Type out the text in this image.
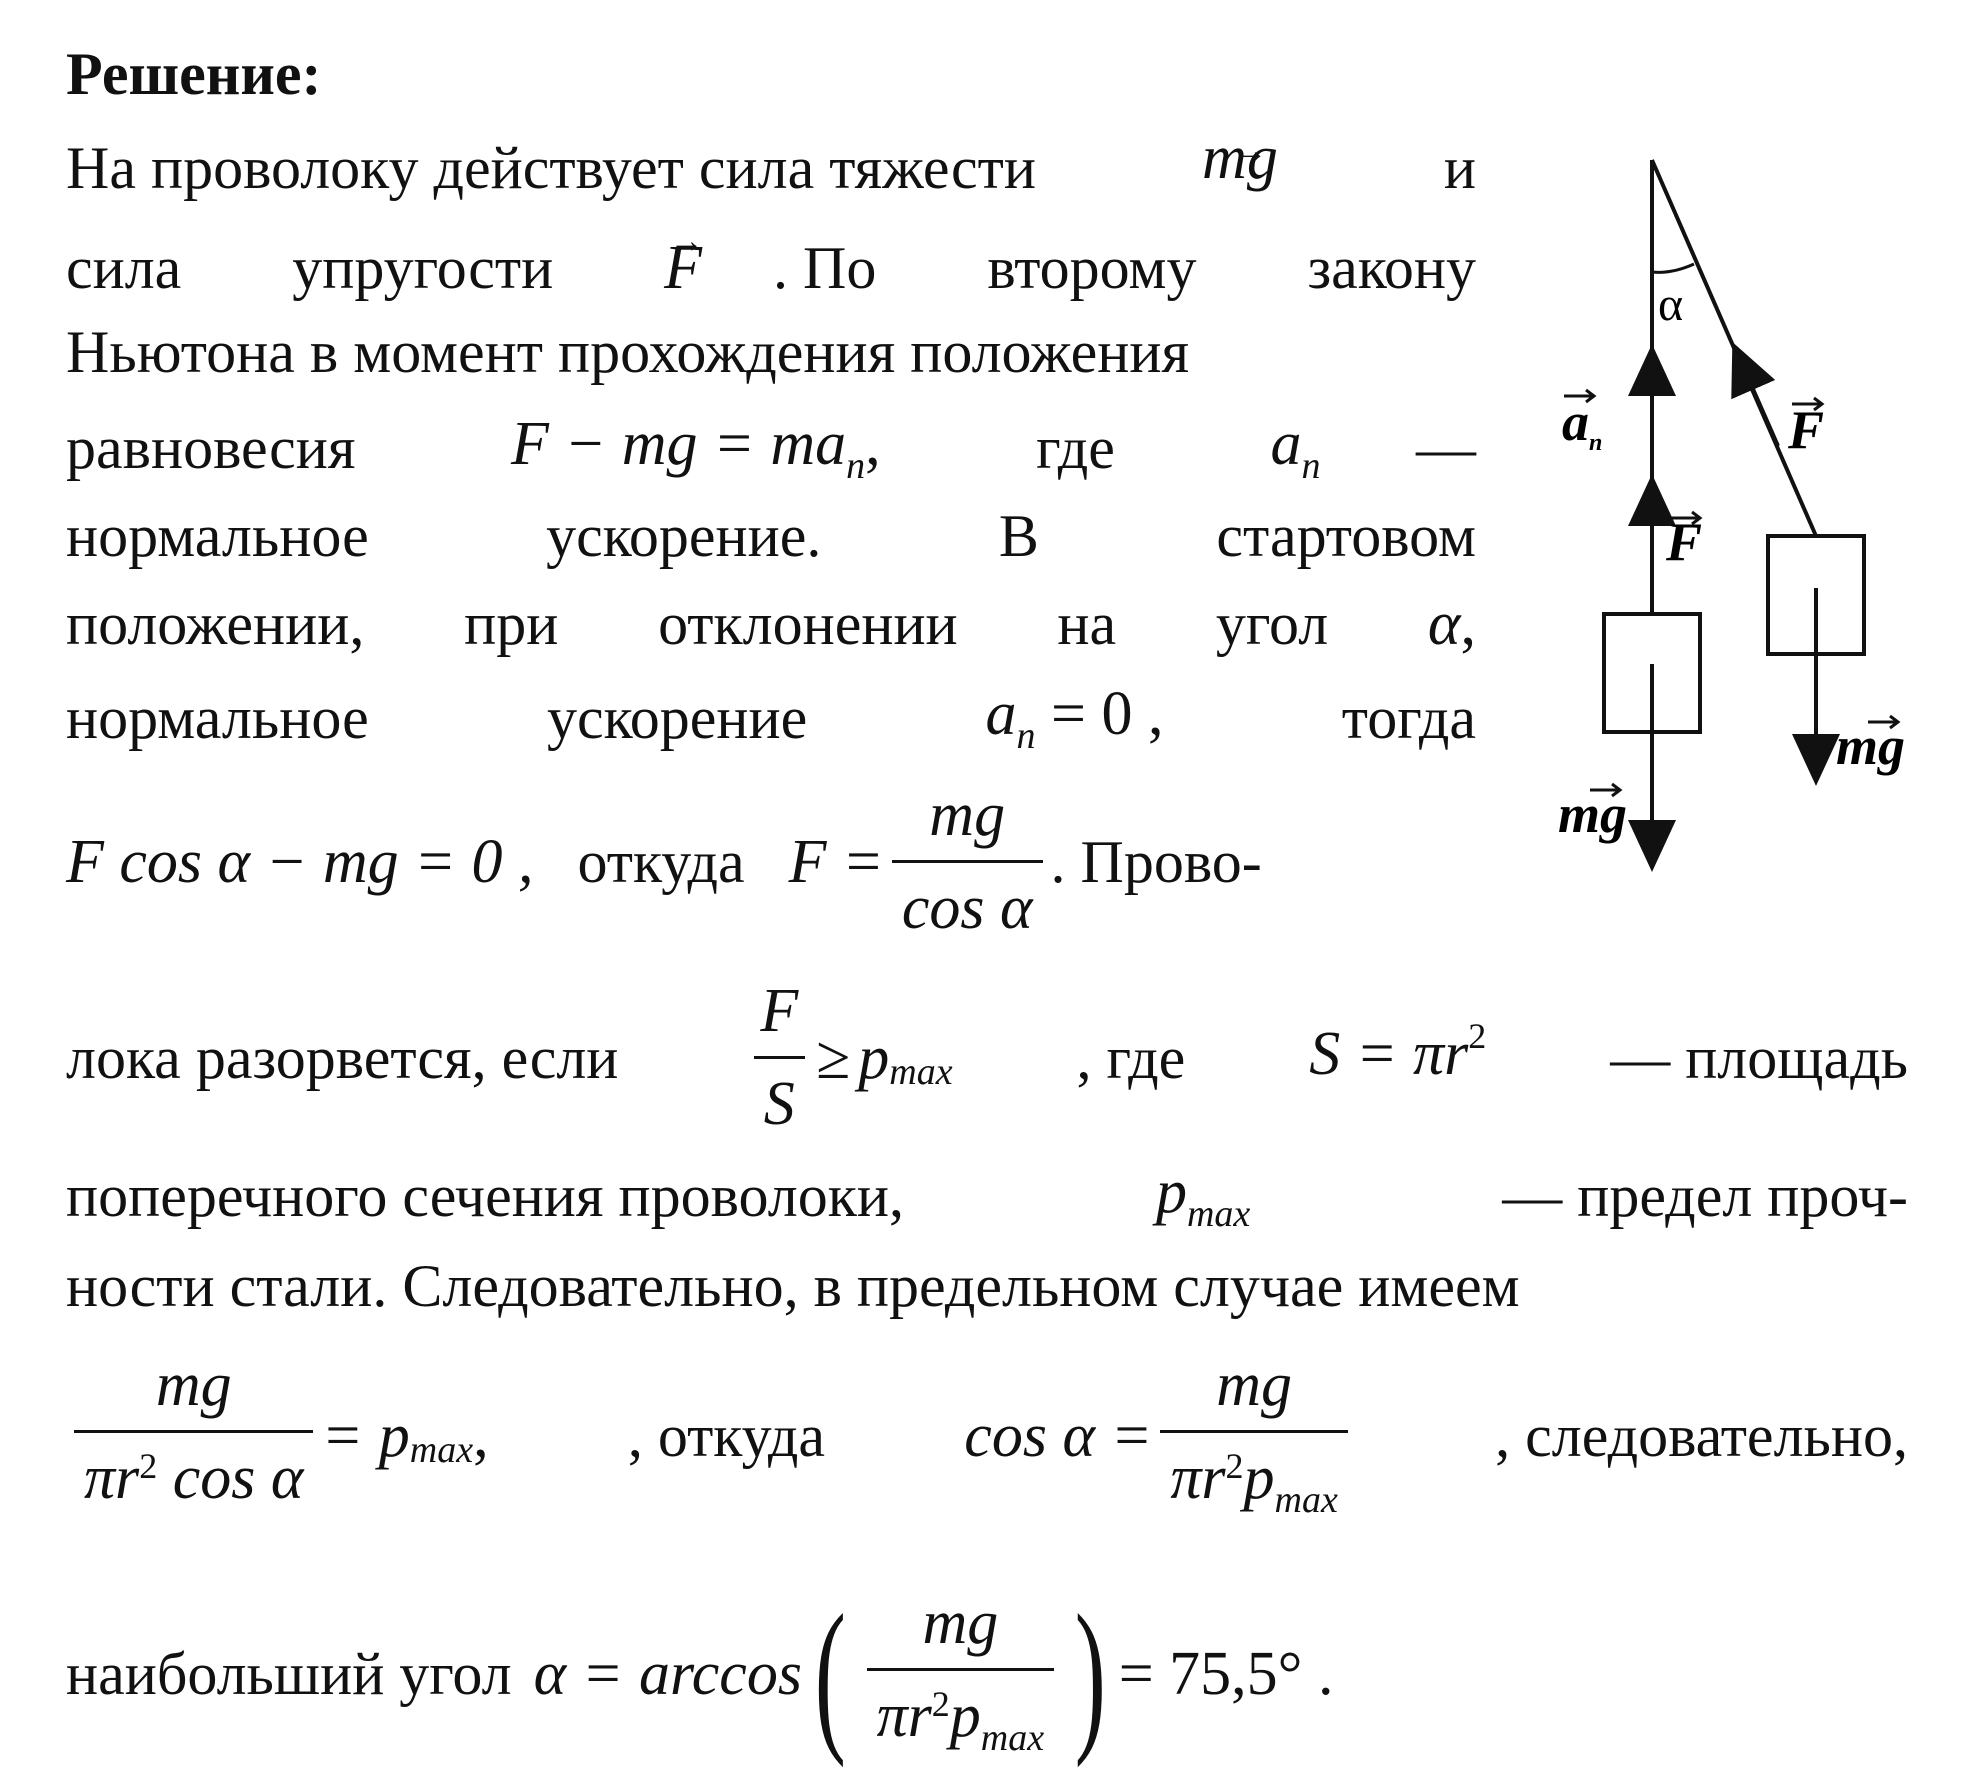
Решение:
На проволоку действует сила тяжести	mg	и
сила упругости
→ F . По второму закону
Ньютона в момент прохождения положения
равновесия	F − mg = $ma_n$,	где	$a_n$ —
нормальное	ускорение.	В	стартовом
положении, при отклонении на угол α,
нормальное	ускорение	$a_n = 0$ ,	тогда
F cos α − mg = 0 , откуда $F = \frac{mg}{\text{cos α}}$ . Прово-
лока разорвется, если $\frac{F}{S} \ge p$ max , где $S = \pi r^2$ — площадь
поперечного сечения проволоки,	$p_{max}$	— предел проч-
ности стали. Следовательно, в предельном случае имеем
$\frac{mg}{\pi r^2 \cos \alpha} = p$ max , , откуда $\cos \alpha = \frac{mg}{\pi r^2p_{max}}$ , следовательно,
наибольший угол α = arccos ( $\frac{mg}{\pi r^2p_{max}}$ ) = 75,5° .
α
an
F
F
mg
mg
